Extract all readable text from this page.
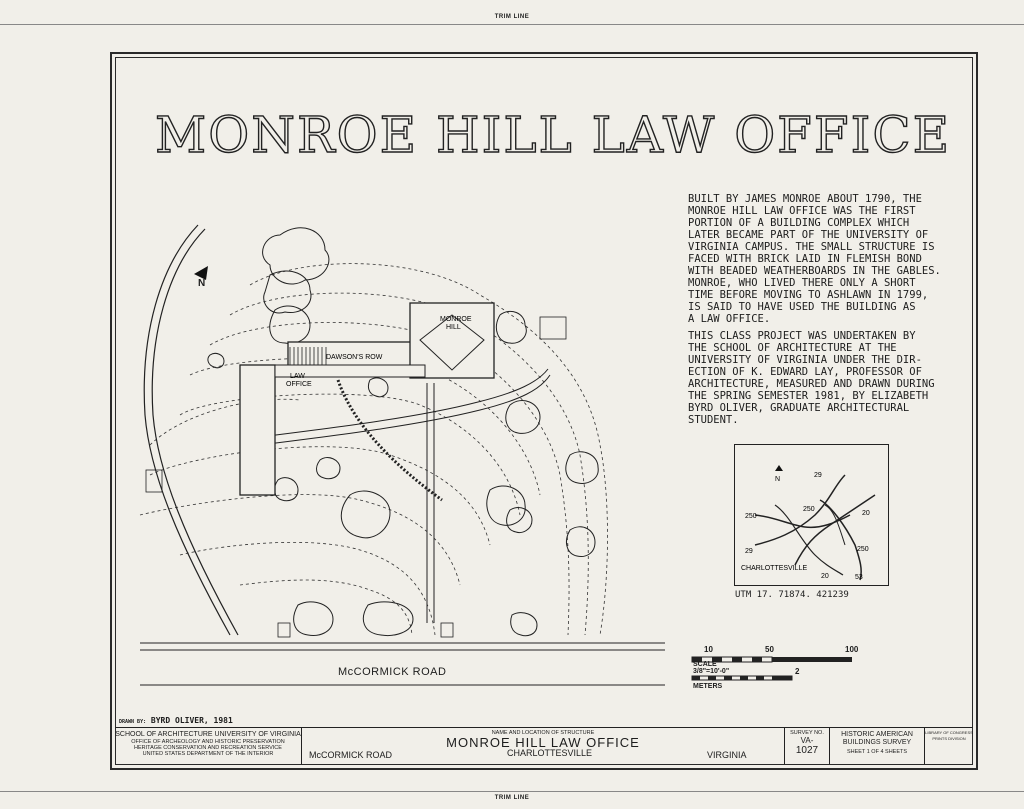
TRIM LINE
TRIM LINE
MONROE HILL LAW OFFICE
BUILT BY JAMES MONROE ABOUT 1790, THE
MONROE HILL LAW OFFICE WAS THE FIRST
PORTION OF A BUILDING COMPLEX WHICH
LATER BECAME PART OF THE UNIVERSITY OF
VIRGINIA CAMPUS. THE SMALL STRUCTURE IS
FACED WITH BRICK LAID IN FLEMISH BOND
WITH BEADED WEATHERBOARDS IN THE GABLES.
MONROE, WHO LIVED THERE ONLY A SHORT
TIME BEFORE MOVING TO ASHLAWN IN 1799,
IS SAID TO HAVE USED THE BUILDING AS
A LAW OFFICE.
THIS CLASS PROJECT WAS UNDERTAKEN BY
THE SCHOOL OF ARCHITECTURE AT THE
UNIVERSITY OF VIRGINIA UNDER THE DIR-
ECTION OF K. EDWARD LAY, PROFESSOR OF
ARCHITECTURE, MEASURED AND DRAWN DURING
THE SPRING SEMESTER 1981, BY ELIZABETH
BYRD OLIVER, GRADUATE ARCHITECTURAL
STUDENT.
N
DAWSON'S ROW
MONROE
HILL
LAW
OFFICE
McCORMICK ROAD
29
250
250
20
29	250
20	53
CHARLOTTESVILLE
N
UTM 17. 71874. 421239
10	50	100
SCALE 3/8"=10'-0"	2
METERS
DRAWN BY: BYRD OLIVER, 1981
SCHOOL OF ARCHITECTURE UNIVERSITY OF VIRGINIA
OFFICE OF ARCHEOLOGY AND HISTORIC PRESERVATION
HERITAGE CONSERVATION AND RECREATION SERVICE
UNITED STATES DEPARTMENT OF THE INTERIOR
NAME AND LOCATION OF STRUCTURE
MONROE HILL LAW OFFICE
McCORMICK ROAD	CHARLOTTESVILLE	VIRGINIA
SURVEY NO.
VA-
1027
HISTORIC AMERICAN
BUILDINGS SURVEY
SHEET 1 OF 4 SHEETS
LIBRARY OF CONGRESS
PRINTS DIVISION
